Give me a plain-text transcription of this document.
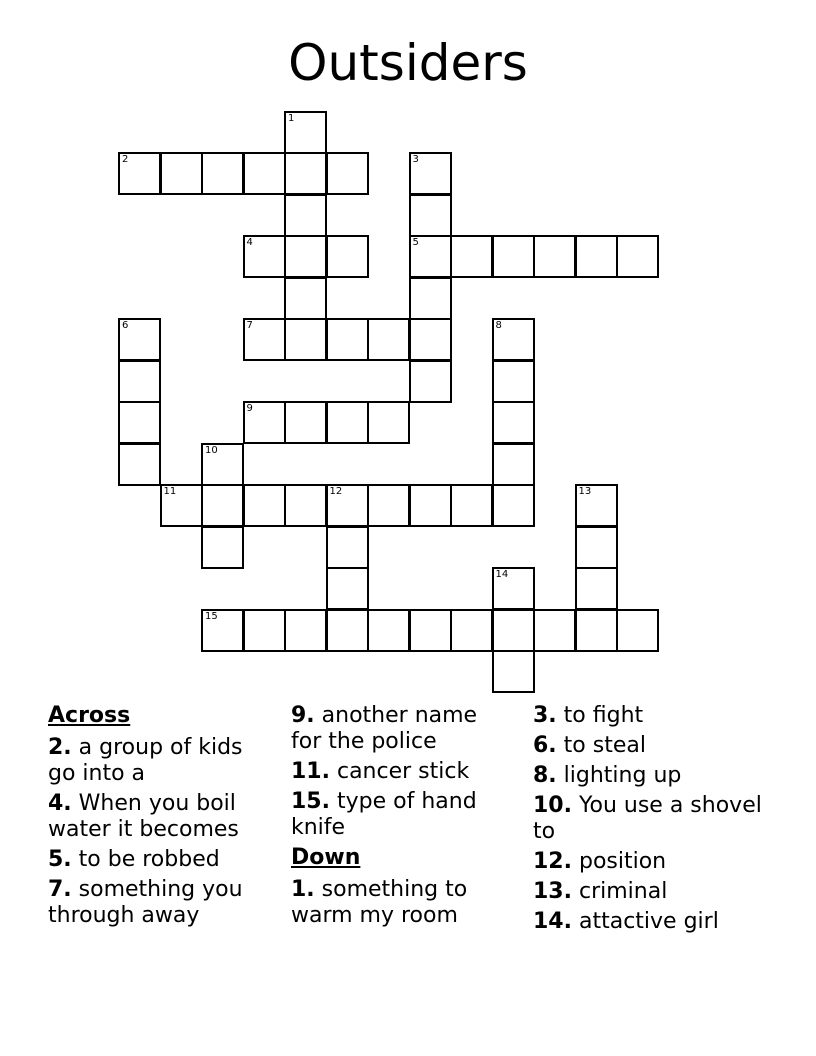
Outsiders
1
2	3
4	5
6	7	8
9
10
11	12	13
14
15
Across
2. a group of kids go into a
4. When you boil water it becomes
5. to be robbed
7. something you through away
9. another name for the police
11. cancer stick
15. type of hand knife
Down
1. something to warm my room
3. to fight
6. to steal
8. lighting up
10. You use a shovel to
12. position
13. criminal
14. attactive girl
